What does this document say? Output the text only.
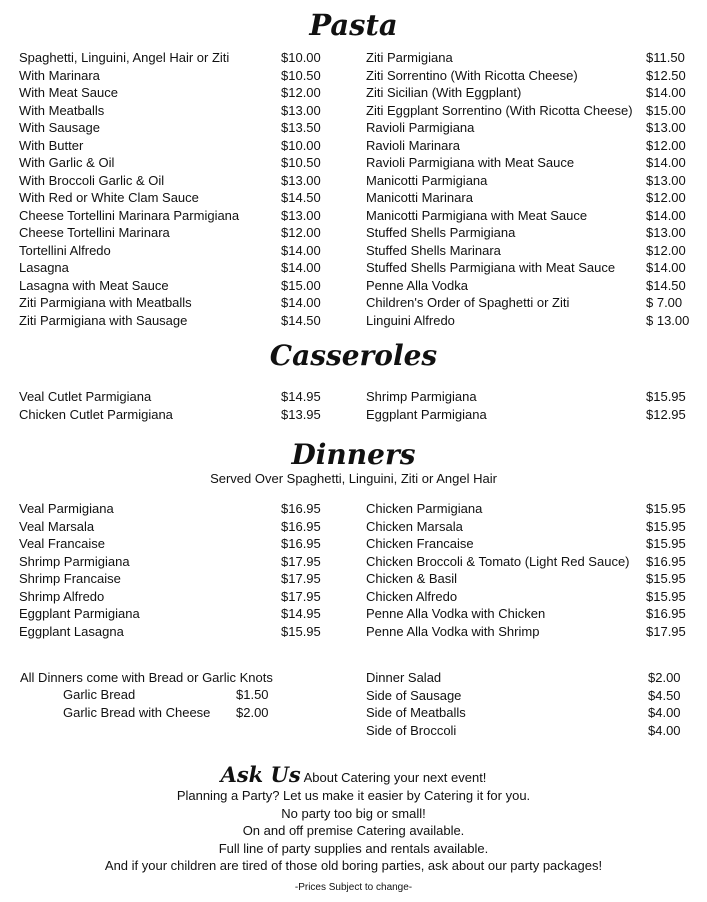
Pasta
Casseroles
Dinners
Served Over Spaghetti, Linguini, Ziti or Angel Hair
Spaghetti, Linguini, Angel Hair or Ziti	$10.00
With Marinara	$10.50
With Meat Sauce	$12.00
With Meatballs	$13.00
With Sausage	$13.50
With Butter	$10.00
With Garlic & Oil	$10.50
With Broccoli Garlic & Oil	$13.00
With Red or White Clam Sauce	$14.50
Cheese Tortellini Marinara Parmigiana	$13.00
Cheese Tortellini Marinara	$12.00
Tortellini Alfredo	$14.00
Lasagna	$14.00
Lasagna with Meat Sauce	$15.00
Ziti Parmigiana with Meatballs	$14.00
Ziti Parmigiana with Sausage	$14.50
Ziti Parmigiana	$11.50
Ziti Sorrentino (With Ricotta Cheese)	$12.50
Ziti Sicilian (With Eggplant)	$14.00
Ziti Eggplant Sorrentino (With Ricotta Cheese) $15.00
Ravioli Parmigiana	$13.00
Ravioli Marinara	$12.00
Ravioli Parmigiana with Meat Sauce	$14.00
Manicotti Parmigiana	$13.00
Manicotti Marinara	$12.00
Manicotti Parmigiana with Meat Sauce	$14.00
Stuffed Shells Parmigiana	$13.00
Stuffed Shells Marinara	$12.00
Stuffed Shells Parmigiana with Meat Sauce $14.00
Penne Alla Vodka	$14.50
Children's Order of Spaghetti or Ziti	$ 7.00
Linguini Alfredo	$ 13.00
Veal Cutlet Parmigiana	$14.95
Chicken Cutlet Parmigiana	$13.95
Shrimp Parmigiana	$15.95
Eggplant Parmigiana	$12.95
Veal Parmigiana	$16.95
Veal Marsala	$16.95
Veal Francaise	$16.95
Shrimp Parmigiana	$17.95
Shrimp Francaise	$17.95
Shrimp Alfredo	$17.95
Eggplant Parmigiana	$14.95
Eggplant Lasagna	$15.95
Chicken Parmigiana	$15.95
Chicken Marsala	$15.95
Chicken Francaise	$15.95
Chicken Broccoli & Tomato (Light Red Sauce) $16.95
Chicken & Basil	$15.95
Chicken Alfredo	$15.95
Penne Alla Vodka with Chicken	$16.95
Penne Alla Vodka with Shrimp	$17.95
All Dinners come with Bread or Garlic Knots
Garlic Bread	$1.50
Garlic Bread with Cheese $2.00
Dinner Salad	$2.00
Side of Sausage	$4.50
Side of Meatballs	$4.00
Side of Broccoli	$4.00
Ask Us About Catering your next event!
Planning a Party? Let us make it easier by Catering it for you.
No party too big or small!
On and off premise Catering available.
Full line of party supplies and rentals available.
And if your children are tired of those old boring parties, ask about our party packages!
-Prices Subject to change-
